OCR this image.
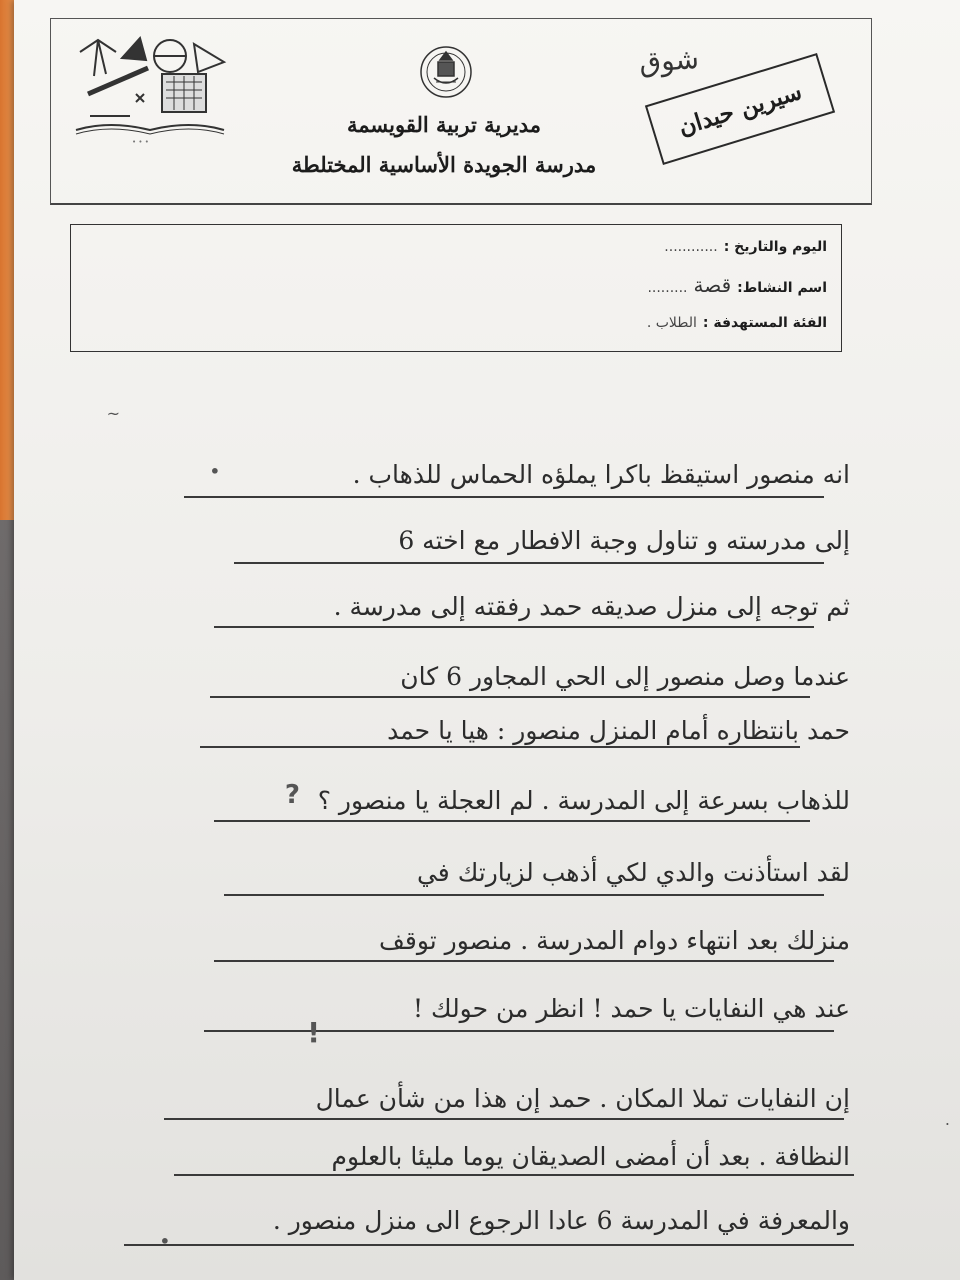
• • •
مديرية تربية القويسمة
مدرسة الجويدة الأساسية المختلطة
شوق
سيرين حيدان
اليوم والتاريخ :
............
اسم النشاط:
قصة
.........
الفئة المستهدفة :
الطلاب .
انه منصور استيقظ باكرا يملؤه الحماس للذهاب .
إلى مدرسته و تناول وجبة الافطار مع اخته 6
ثم توجه إلى منزل صديقه حمد رفقته إلى مدرسة .
عندما وصل منصور إلى الحي المجاور 6 كان
حمد بانتظاره أمام المنزل منصور : هيا يا حمد
للذهاب بسرعة إلى المدرسة . لم العجلة يا منصور ؟
لقد استأذنت والدي لكي أذهب لزيارتك في
منزلك بعد انتهاء دوام المدرسة . منصور توقف
عند هي النفايات يا حمد ! انظر من حولك !
إن النفايات تملا المكان . حمد إن هذا من شأن عمال
النظافة . بعد أن أمضى الصديقان يوما مليئا بالعلوم
والمعرفة في المدرسة 6 عادا الرجوع الى منزل منصور .
•
?
!
•
~
.
